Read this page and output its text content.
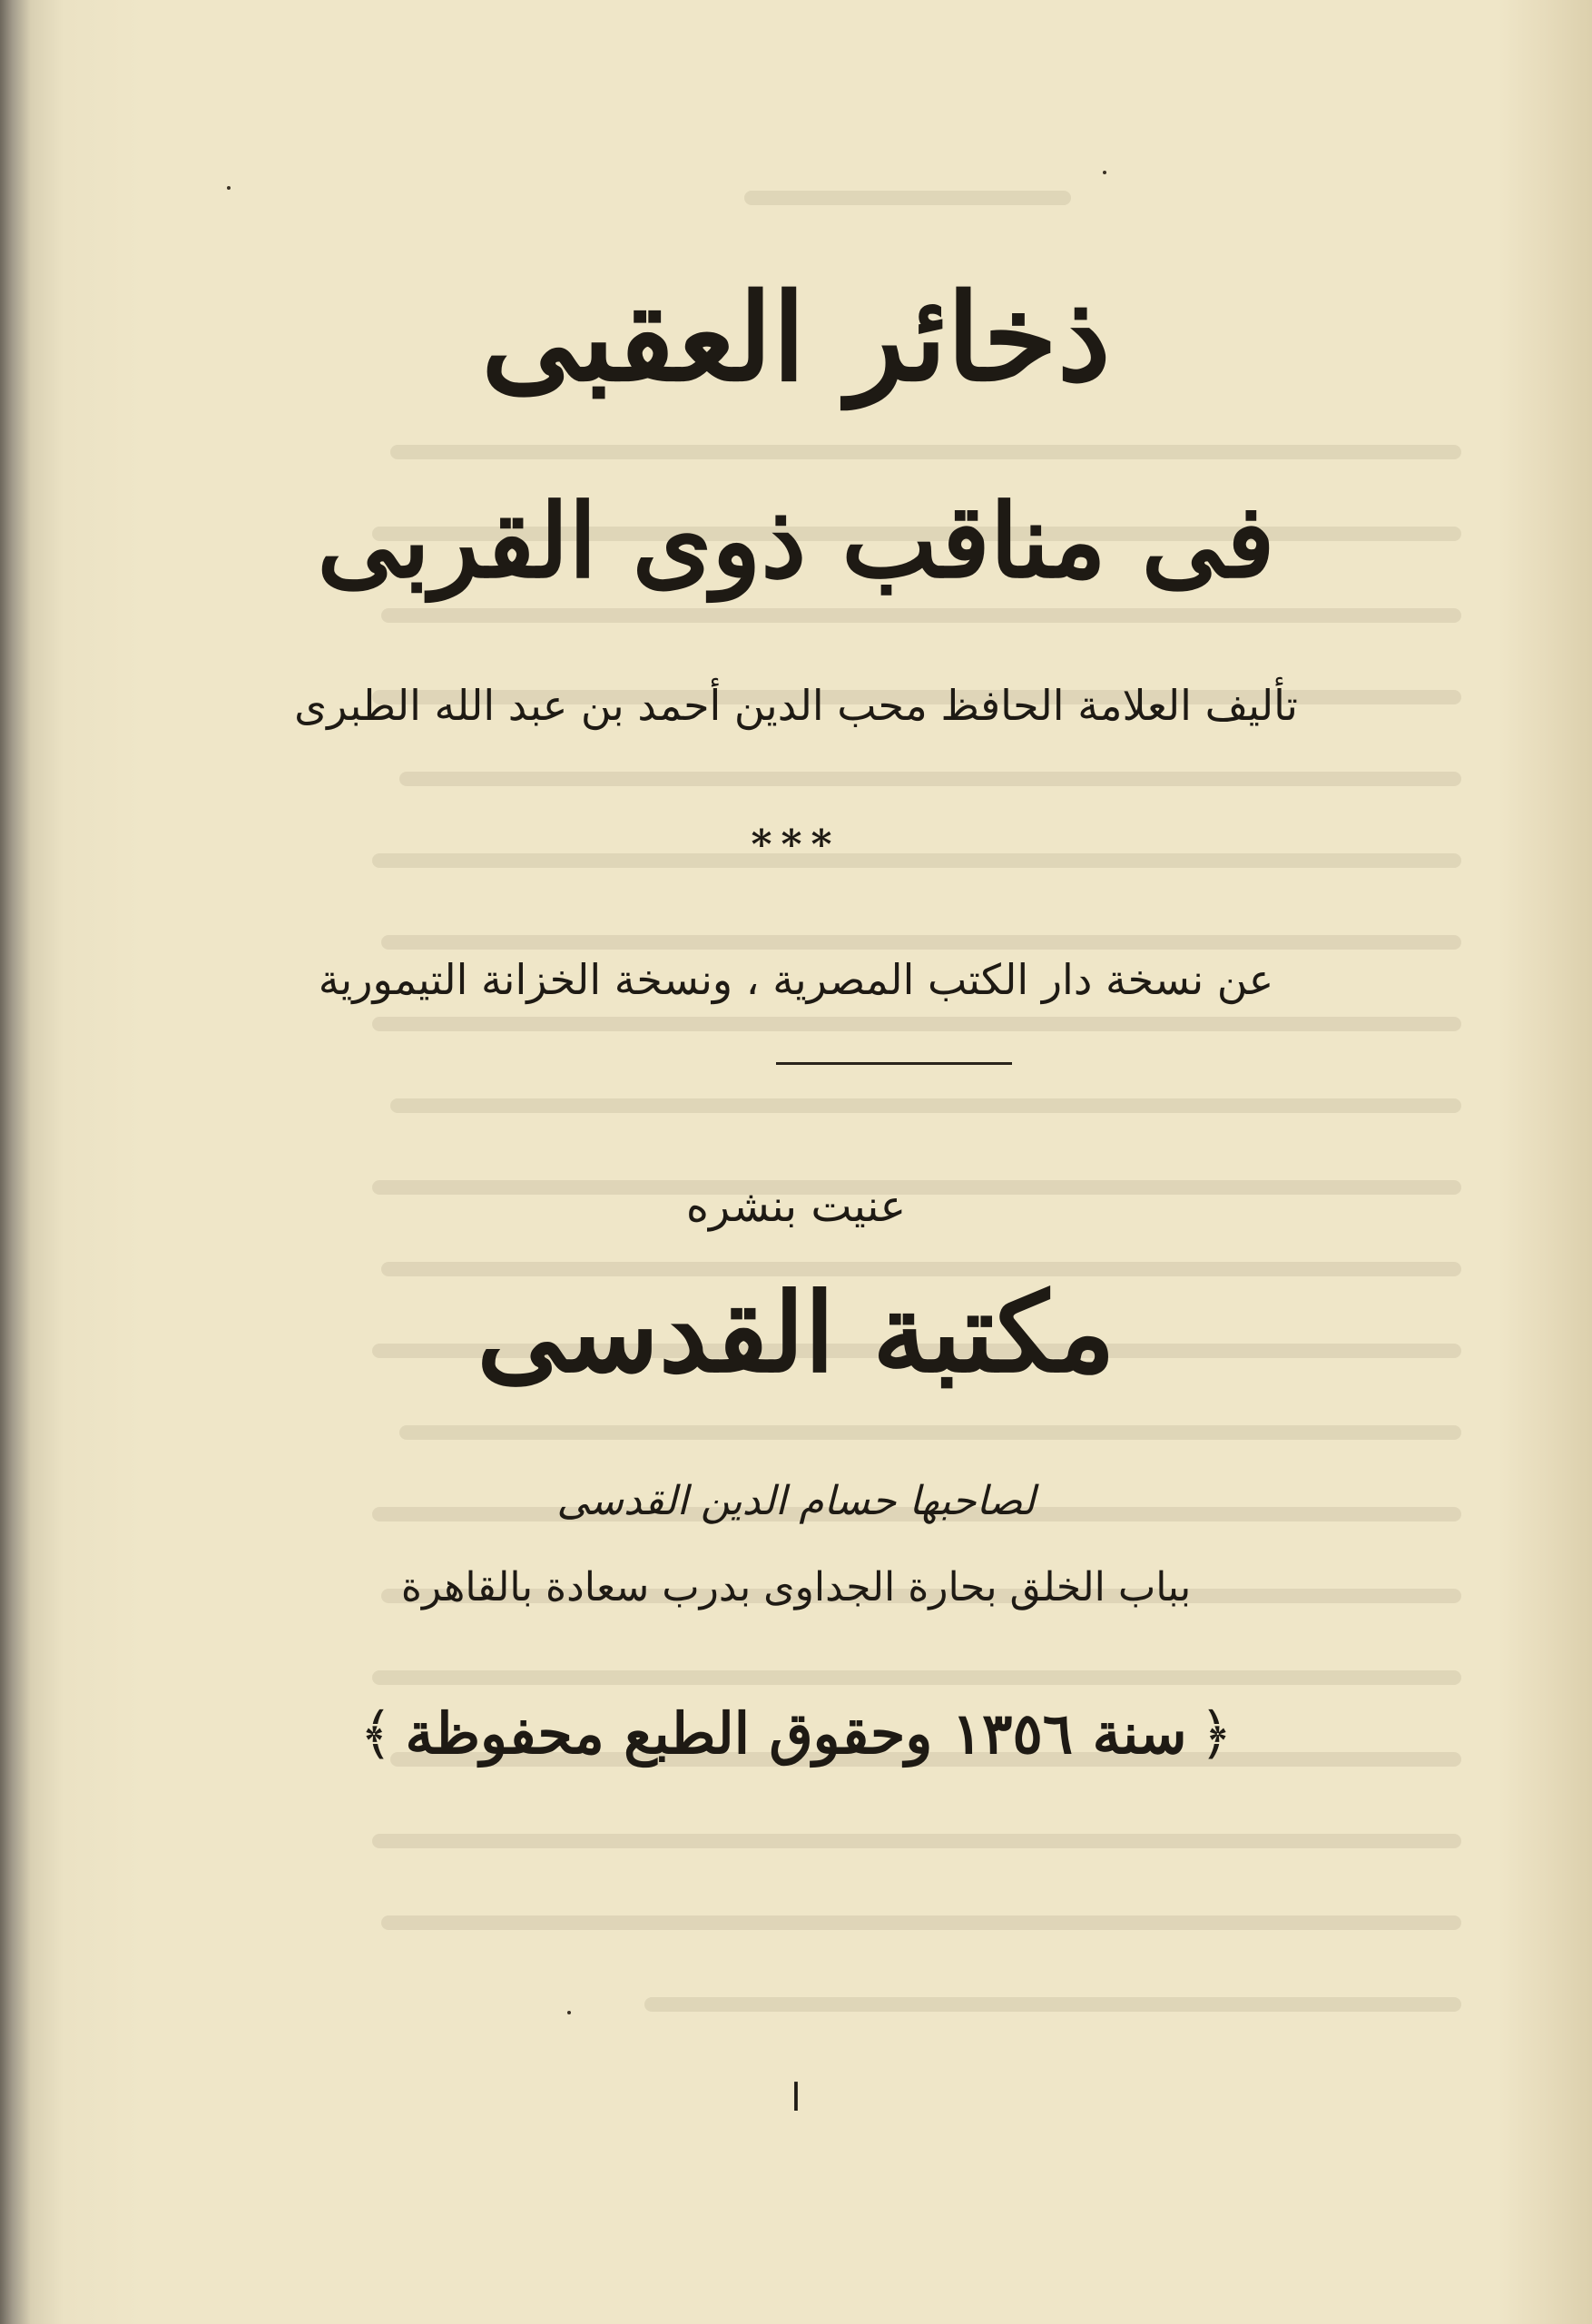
ذخائر العقبى
فى مناقب ذوى القربى
تأليف العلامة الحافظ محب الدين أحمد بن عبد الله الطبرى
***
عن نسخة دار الكتب المصرية ، ونسخة الخزانة التيمورية
عنيت بنشره
مكتبة القدسى
لصاحبها حسام الدين القدسى
بباب الخلق بحارة الجداوى بدرب سعادة بالقاهرة
﴿سنة ١٣٥٦ وحقوق الطبع محفوظة﴾
ا
